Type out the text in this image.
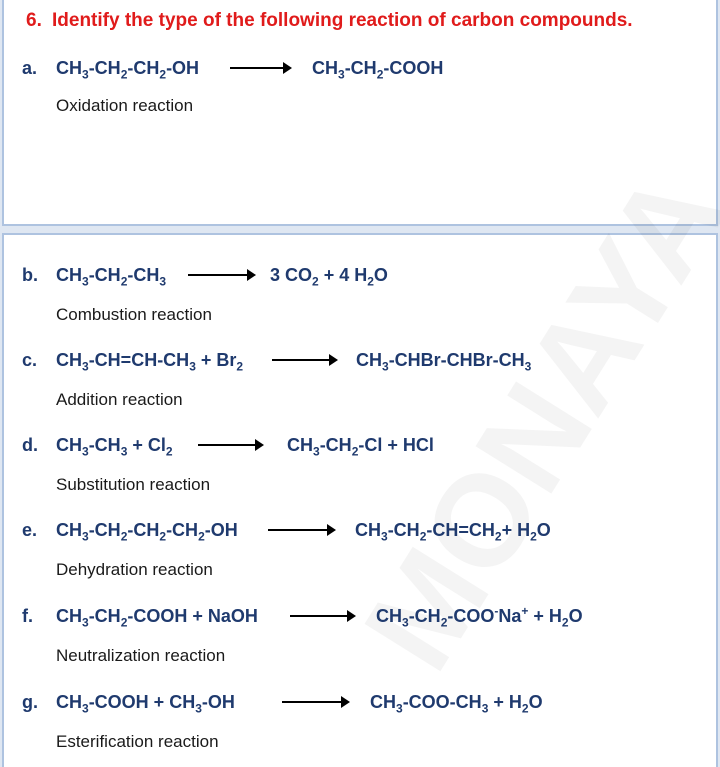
6. Identify the type of the following reaction of carbon compounds.
a.	$CH_3-CH_2-CH_2-OH$ → $CH_3-CH_2$-COOH
Oxidation reaction
b.	$CH_3-CH_2-CH_3 \to 3$ $CO_2 + 4$ $H_2O$
Combustion reaction
c.	$CH_3-CH=CH-CH_3 + Br_2$ → $CH_3-CHBr-CHBr-CH_3$
Addition reaction
d.	$CH_3-CH_3 + Cl_2 \to CH_3-CH_2-Cl$ + HCl
Substitution reaction
e.	$CH_3-CH_2-CH_2-CH_2-OH \to CH_3-CH_2-CH=CH_2+ H_2O$
Dehydration reaction
f.	$CH_3-CH_2$-COOH + NaOH → $CH_3-CH_2-COO^-Na^+ + H_2O$
Neutralization reaction
g.	$CH_3$-COOH + $CH_3-OH$	→ $CH_3-COO-CH_3 + H_2O$
Esterification reaction
